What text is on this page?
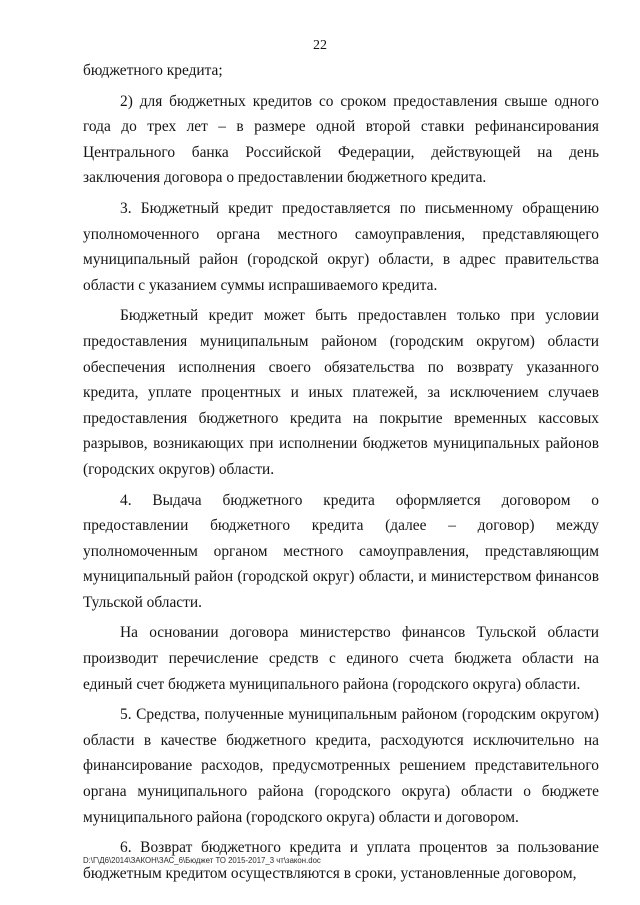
22

бюджетного кредита;

2) для бюджетных кредитов со сроком предоставления свыше одного года до трех лет – в размере одной второй ставки рефинансирования Центрального банка Российской Федерации, действующей на день заключения договора о предоставлении бюджетного кредита.

3. Бюджетный кредит предоставляется по письменному обращению уполномоченного органа местного самоуправления, представляющего муниципальный район (городской округ) области, в адрес правительства области с указанием суммы испрашиваемого кредита.

Бюджетный кредит может быть предоставлен только при условии предоставления муниципальным районом (городским округом) области обеспечения исполнения своего обязательства по возврату указанного кредита, уплате процентных и иных платежей, за исключением случаев предоставления бюджетного кредита на покрытие временных кассовых разрывов, возникающих при исполнении бюджетов муниципальных районов (городских округов) области.

4. Выдача бюджетного кредита оформляется договором о предоставлении бюджетного кредита (далее – договор) между уполномоченным органом местного самоуправления, представляющим муниципальный район (городской округ) области, и министерством финансов Тульской области.

На основании договора министерство финансов Тульской области производит перечисление средств с единого счета бюджета области на единый счет бюджета муниципального района (городского округа) области.

5. Средства, полученные муниципальным районом (городским округом) области в качестве бюджетного кредита, расходуются исключительно на финансирование расходов, предусмотренных решением представительного органа муниципального района (городского округа) области о бюджете муниципального района (городского округа) области и договором.

6. Возврат бюджетного кредита и уплата процентов за пользование бюджетным кредитом осуществляются в сроки, установленные договором,

D:\Г\Д6\2014\ЗАКОН\ЗАС_6\Бюджет ТО 2015-2017_3 чт\закон.doc
